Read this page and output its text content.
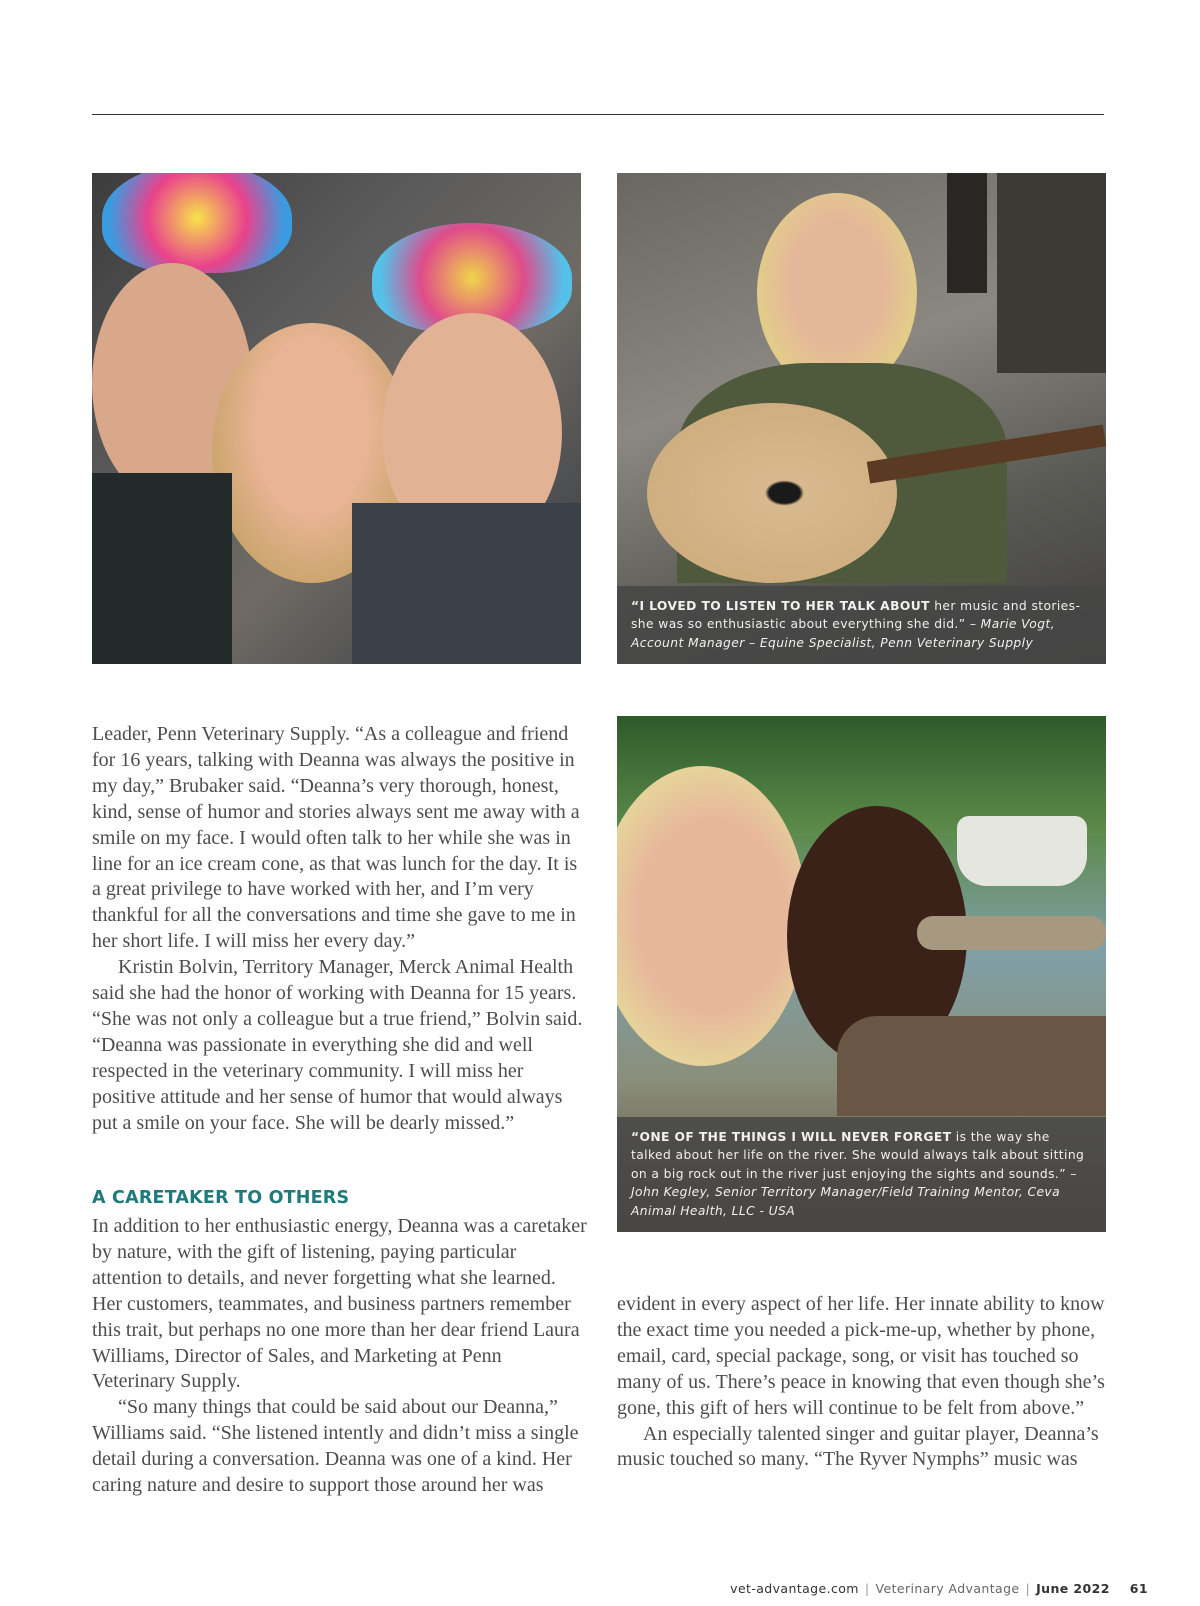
“I LOVED TO LISTEN TO HER TALK ABOUT her music and stories- she was so enthusiastic about everything she did.” – Marie Vogt, Account Manager – Equine Specialist, Penn Veterinary Supply
“ONE OF THE THINGS I WILL NEVER FORGET is the way she talked about her life on the river. She would always talk about sitting on a big rock out in the river just enjoying the sights and sounds.” – John Kegley, Senior Territory Manager/Field Training Mentor, Ceva Animal Health, LLC - USA

Leader, Penn Veterinary Supply. “As a colleague and friend for 16 years, talking with Deanna was always the positive in my day,” Brubaker said. “Deanna’s very thorough, honest, kind, sense of humor and stories always sent me away with a smile on my face. I would often talk to her while she was in line for an ice cream cone, as that was lunch for the day. It is a great privilege to have worked with her, and I’m very thankful for all the conversations and time she gave to me in her short life. I will miss her every day.”

Kristin Bolvin, Territory Manager, Merck Animal Health said she had the honor of working with Deanna for 15 years. “She was not only a colleague but a true friend,” Bolvin said. “Deanna was passionate in everything she did and well respected in the veterinary community. I will miss her positive attitude and her sense of humor that would always put a smile on your face. She will be dearly missed.”

A CARETAKER TO OTHERS

In addition to her enthusiastic energy, Deanna was a caretaker by nature, with the gift of listening, paying particular attention to details, and never forgetting what she learned. Her customers, teammates, and business partners remember this trait, but perhaps no one more than her dear friend Laura Williams, Director of Sales, and Marketing at Penn Veterinary Supply.

“So many things that could be said about our Deanna,” Williams said. “She listened intently and didn’t miss a single detail during a conversation. Deanna was one of a kind. Her caring nature and desire to support those around her was

evident in every aspect of her life. Her innate ability to know the exact time you needed a pick-me-up, whether by phone, email, card, special package, song, or visit has touched so many of us. There’s peace in knowing that even though she’s gone, this gift of hers will continue to be felt from above.”

An especially talented singer and guitar player, Deanna’s music touched so many. “The Ryver Nymphs” music was

vet-advantage.com | Veterinary Advantage | June 2022 61
